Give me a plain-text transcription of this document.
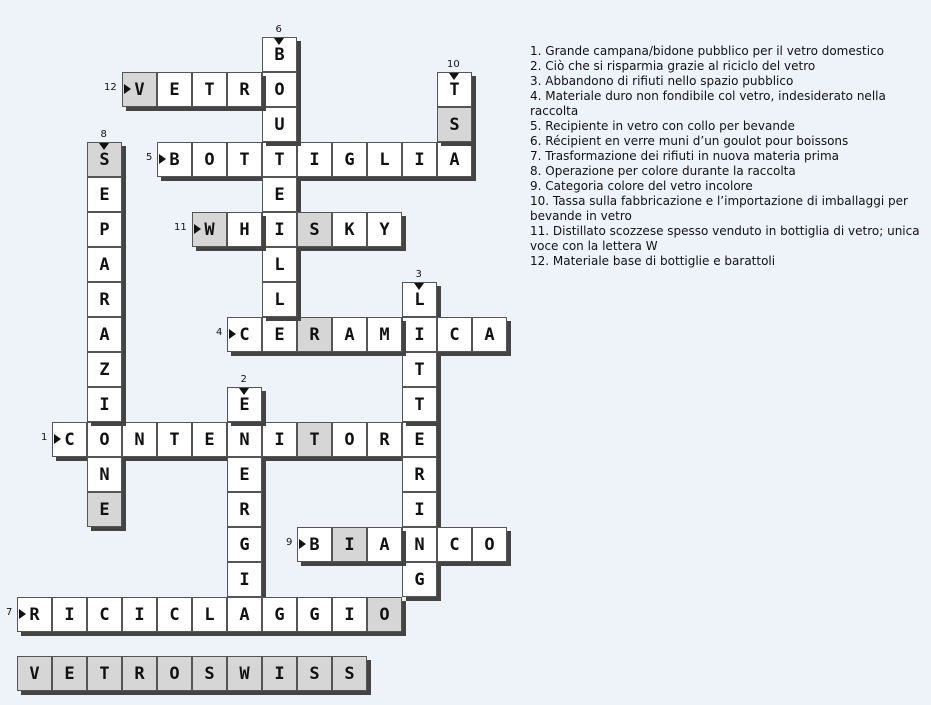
C	O	N	T	E	N	I	T	O	R	E
1
E
E
R
G
I
2
L
I
T
T
R
I
N
G
3
C	E	R	A	M	C	A
4
B	O	T	T	I	G	L	I	A
5
B
O
U
E
I
L
L
6
R	I	C	I	C	L	A	G	G	I	O
7
S
E
P
A
R
A
Z
I
N
E
8
B	I	A	C	O
9
T
S
10
W	H	S	K	Y
11
V	E	T	R
12
V	E	T	R	O	S	W	I	S	S
1. Grande campana/bidone pubblico per il vetro domestico
2. Ciò che si risparmia grazie al riciclo del vetro
3. Abbandono di rifiuti nello spazio pubblico
4. Materiale duro non fondibile col vetro, indesiderato nella raccolta
5. Recipiente in vetro con collo per bevande
6. Récipient en verre muni d’un goulot pour boissons
7. Trasformazione dei rifiuti in nuova materia prima
8. Operazione per colore durante la raccolta
9. Categoria colore del vetro incolore
10. Tassa sulla fabbricazione e l’importazione di imballaggi per bevande in vetro
11. Distillato scozzese spesso venduto in bottiglia di vetro; unica voce con la lettera W
12. Materiale base di bottiglie e barattoli
